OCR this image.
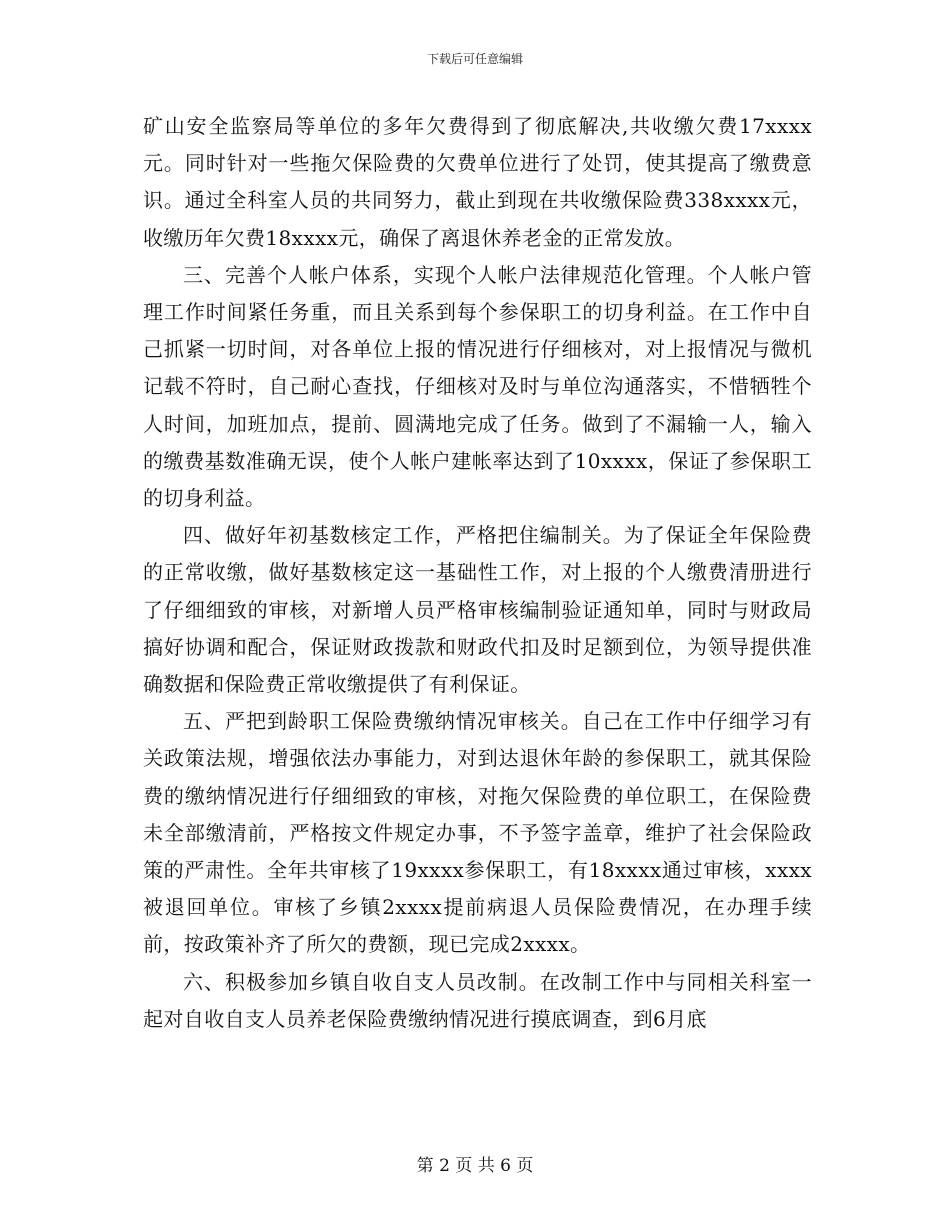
下载后可任意编辑

矿山安全监察局等单位的多年欠费得到了彻底解决,共收缴欠费17xxxx元。同时针对一些拖欠保险费的欠费单位进行了处罚，使其提高了缴费意识。通过全科室人员的共同努力，截止到现在共收缴保险费338xxxx元，收缴历年欠费18xxxx元，确保了离退休养老金的正常发放。

三、完善个人帐户体系，实现个人帐户法律规范化管理。个人帐户管理工作时间紧任务重，而且关系到每个参保职工的切身利益。在工作中自己抓紧一切时间，对各单位上报的情况进行仔细核对，对上报情况与微机记载不符时，自己耐心查找，仔细核对及时与单位沟通落实，不惜牺牲个人时间，加班加点，提前、圆满地完成了任务。做到了不漏输一人，输入的缴费基数准确无误，使个人帐户建帐率达到了10xxxx，保证了参保职工的切身利益。

四、做好年初基数核定工作，严格把住编制关。为了保证全年保险费的正常收缴，做好基数核定这一基础性工作，对上报的个人缴费清册进行了仔细细致的审核，对新增人员严格审核编制验证通知单，同时与财政局搞好协调和配合，保证财政拨款和财政代扣及时足额到位，为领导提供准确数据和保险费正常收缴提供了有利保证。

五、严把到龄职工保险费缴纳情况审核关。自己在工作中仔细学习有关政策法规，增强依法办事能力，对到达退休年龄的参保职工，就其保险费的缴纳情况进行仔细细致的审核，对拖欠保险费的单位职工，在保险费未全部缴清前，严格按文件规定办事，不予签字盖章，维护了社会保险政策的严肃性。全年共审核了19xxxx参保职工，有18xxxx通过审核，xxxx被退回单位。审核了乡镇2xxxx提前病退人员保险费情况，在办理手续前，按政策补齐了所欠的费额，现已完成2xxxx。

六、积极参加乡镇自收自支人员改制。在改制工作中与同相关科室一起对自收自支人员养老保险费缴纳情况进行摸底调查，到6月底

第 2 页 共 6 页
